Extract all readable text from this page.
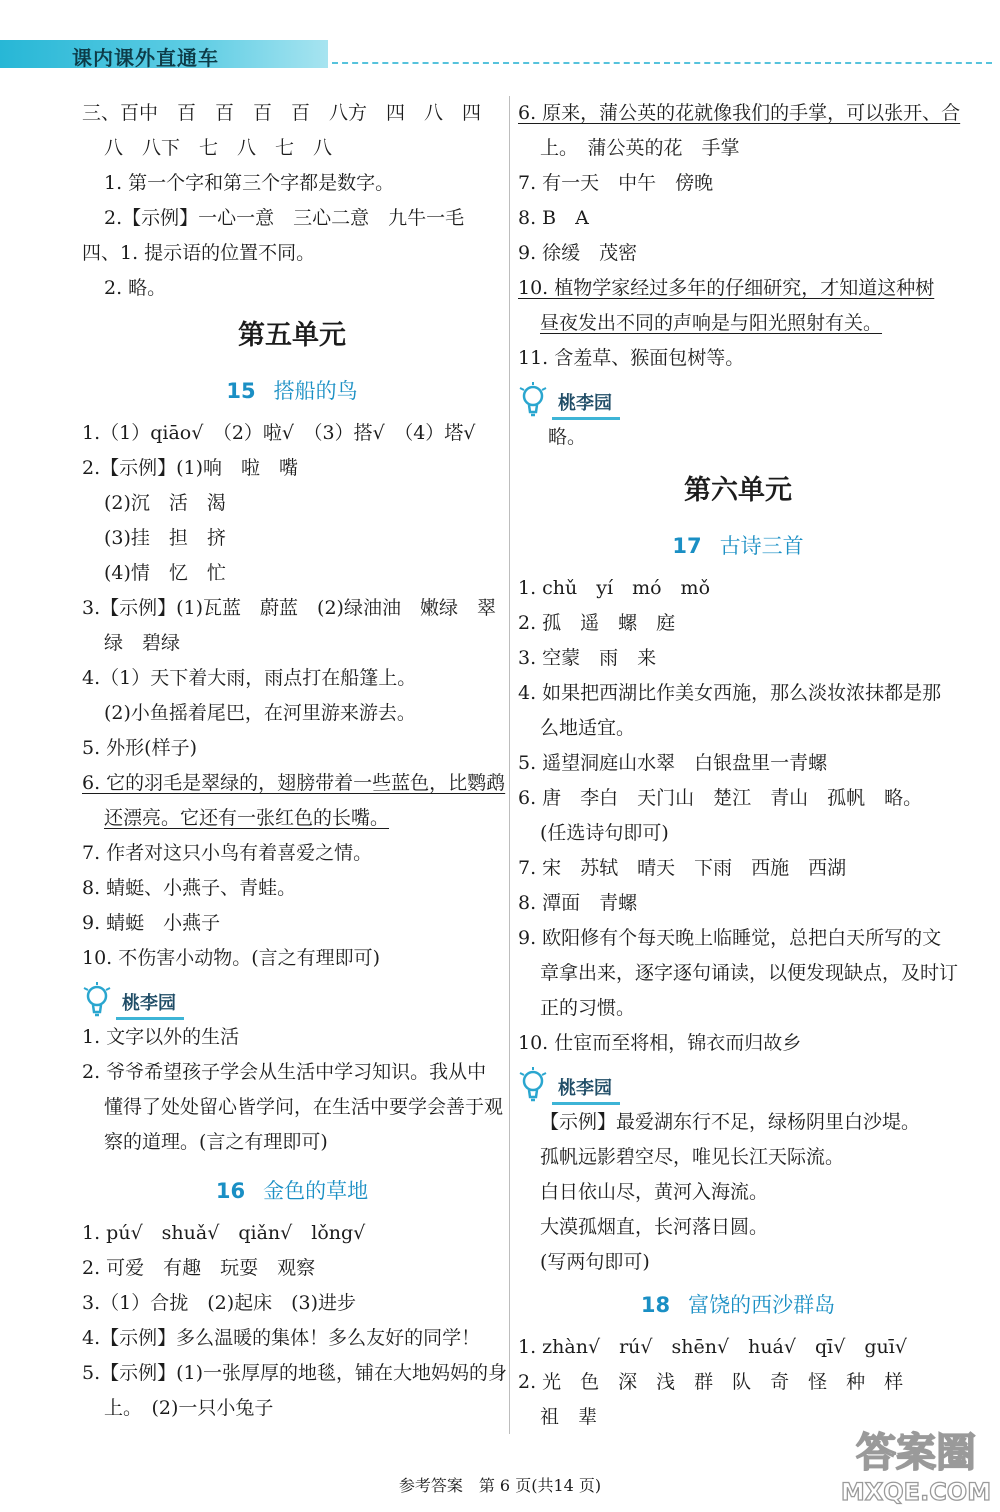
课内课外直通车
三、百中　百　百　百　百　八方　四　八　四
八　八下　七　八　七　八
1. 第一个字和第三个字都是数字。
2.【示例】一心一意　三心二意　九牛一毛
四、1. 提示语的位置不同。
2. 略。
第五单元
15 搭船的鸟
1.（1）qiāo√　（2）啦√　（3）搭√　（4）塔√
2.【示例】(1)响　啦　嘴
(2)沉　活　渴
(3)挂　担　挤
(4)情　忆　忙
3.【示例】(1)瓦蓝　蔚蓝　(2)绿油油　嫩绿　翠
绿　碧绿
4.（1）天下着大雨，雨点打在船篷上。
(2)小鱼摇着尾巴，在河里游来游去。
5. 外形(样子)
6. 它的羽毛是翠绿的，翅膀带着一些蓝色，比鹦鹉
还漂亮。它还有一张红色的长嘴。
7. 作者对这只小鸟有着喜爱之情。
8. 蜻蜓、小燕子、青蛙。
9. 蜻蜓　小燕子
10. 不伤害小动物。(言之有理即可)
桃李园
1. 文字以外的生活
2. 爷爷希望孩子学会从生活中学习知识。我从中
懂得了处处留心皆学问，在生活中要学会善于观
察的道理。(言之有理即可)
16 金色的草地
1. pú√　shuǎ√　qiǎn√　lǒng√
2. 可爱　有趣　玩耍　观察
3.（1）合拢　(2)起床　(3)进步
4.【示例】多么温暖的集体！多么友好的同学！
5.【示例】(1)一张厚厚的地毯，铺在大地妈妈的身
上。　(2)一只小兔子
6. 原来，蒲公英的花就像我们的手掌，可以张开、合
上。　蒲公英的花　手掌
7. 有一天　中午　傍晚
8. B　A
9. 徐缓　茂密
10. 植物学家经过多年的仔细研究，才知道这种树
昼夜发出不同的声响是与阳光照射有关。
11. 含羞草、猴面包树等。
桃李园
略。
第六单元
17 古诗三首
1. chǔ　yí　mó　mǒ
2. 孤　遥　螺　庭
3. 空蒙　雨　来
4. 如果把西湖比作美女西施，那么淡妆浓抹都是那
么地适宜。
5. 遥望洞庭山水翠　白银盘里一青螺
6. 唐　李白　天门山　楚江　青山　孤帆　略。
(任选诗句即可)
7. 宋　苏轼　晴天　下雨　西施　西湖
8. 潭面　青螺
9. 欧阳修有个每天晚上临睡觉，总把白天所写的文
章拿出来，逐字逐句诵读，以便发现缺点，及时订
正的习惯。
10. 仕宦而至将相，锦衣而归故乡
桃李园
【示例】最爱湖东行不足，绿杨阴里白沙堤。
孤帆远影碧空尽，唯见长江天际流。
白日依山尽，黄河入海流。
大漠孤烟直，长河落日圆。
(写两句即可)
18 富饶的西沙群岛
1. zhàn√　rú√　shēn√　huá√　qī√　guī√
2. 光　色　深　浅　群　队　奇　怪　种　样
祖　辈
参考答案　第 6 页(共14 页)
答案圈
MXQE.COM
